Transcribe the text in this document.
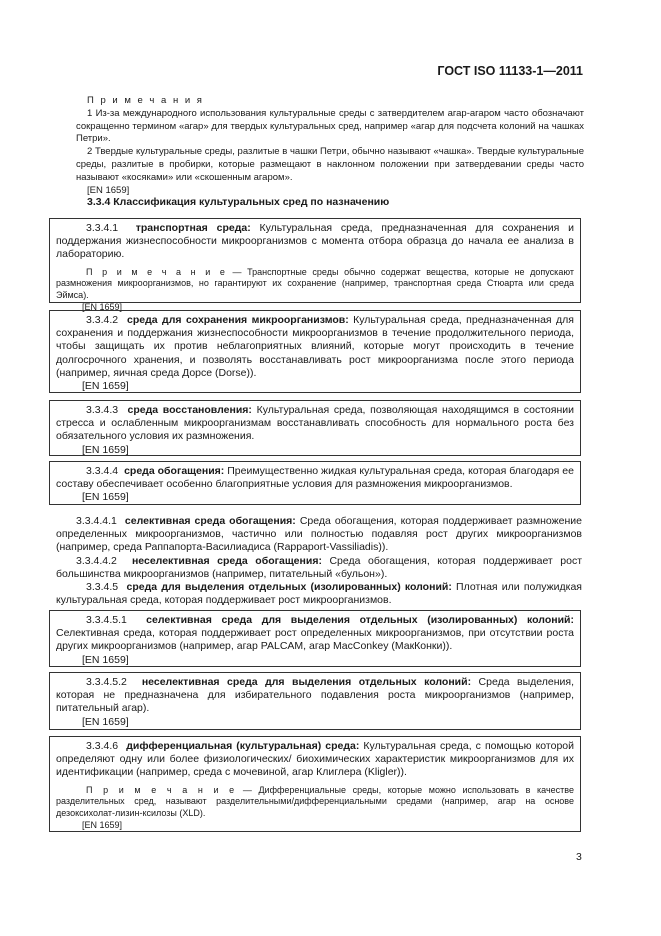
ГОСТ ISO 11133-1—2011
П р и м е ч а н и я
1 Из-за международного использования культуральные среды с затвердителем агар-агаром часто обозначают сокращенно термином «агар» для твердых культуральных сред, например «агар для подсчета колоний на чашках Петри».
2 Твердые культуральные среды, разлитые в чашки Петри, обычно называют «чашка». Твердые культуральные среды, разлитые в пробирки, которые размещают в наклонном положении при затвердевании среды часто называют «косяками» или «скошенным агаром».
[EN 1659]
3.3.4 Классификация культуральных сред по назначению

3.3.4.1 транспортная среда: Культуральная среда, предназначенная для сохранения и поддержания жизнеспособности микроорганизмов с момента отбора образца до начала ее анализа в лабораторию.

П р и м е ч а н и е — Транспортные среды обычно содержат вещества, которые не допускают размножения микроорганизмов, но гарантируют их сохранение (например, транспортная среда Стюарта или среда Эймса).

[EN 1659]

3.3.4.2 среда для сохранения микроорганизмов: Культуральная среда, предназначенная для сохранения и поддержания жизнеспособности микроорганизмов в течение продолжительного периода, чтобы защищать их против неблагоприятных влияний, которые могут происходить в течение долгосрочного хранения, и позволять восстанавливать рост микроорганизма после этого периода (например, яичная среда Дорсе (Dorse)).

[EN 1659]

3.3.4.3 среда восстановления: Культуральная среда, позволяющая находящимся в состоянии стресса и ослабленным микроорганизмам восстанавливать способность для нормального роста без обязательного условия их размножения.

[EN 1659]

3.3.4.4 среда обогащения: Преимущественно жидкая культуральная среда, которая благодаря ее составу обеспечивает особенно благоприятные условия для размножения микроорганизмов.

[EN 1659]

3.3.4.4.1 селективная среда обогащения: Среда обогащения, которая поддерживает размножение определенных микроорганизмов, частично или полностью подавляя рост других микроорганизмов (например, среда Раппапорта-Василиадиса (Rappaport-Vassiliadis)).

3.3.4.4.2 неселективная среда обогащения: Среда обогащения, которая поддерживает рост большинства микроорганизмов (например, питательный «бульон»).

3.3.4.5 среда для выделения отдельных (изолированных) колоний: Плотная или полужидкая культуральная среда, которая поддерживает рост микроорганизмов.

3.3.4.5.1 селективная среда для выделения отдельных (изолированных) колоний: Селективная среда, которая поддерживает рост определенных микроорганизмов, при отсутствии роста других микроорганизмов (например, агар PALCAM, агар MacConkey (МакКонки)).

[EN 1659]

3.3.4.5.2 неселективная среда для выделения отдельных колоний: Среда выделения, которая не предназначена для избирательного подавления роста микроорганизмов (например, питательный агар).

[EN 1659]

3.3.4.6 дифференциальная (культуральная) среда: Культуральная среда, с помощью которой определяют одну или более физиологических/ биохимических характеристик микроорганизмов для их идентификации (например, среда с мочевиной, агар Клиглера (Kligler)).

П р и м е ч а н и е — Дифференциальные среды, которые можно использовать в качестве разделительных сред, называют разделительными/дифференциальными средами (например, агар на основе дезоксихолат-лизин-ксилозы (XLD).

[EN 1659]

3
